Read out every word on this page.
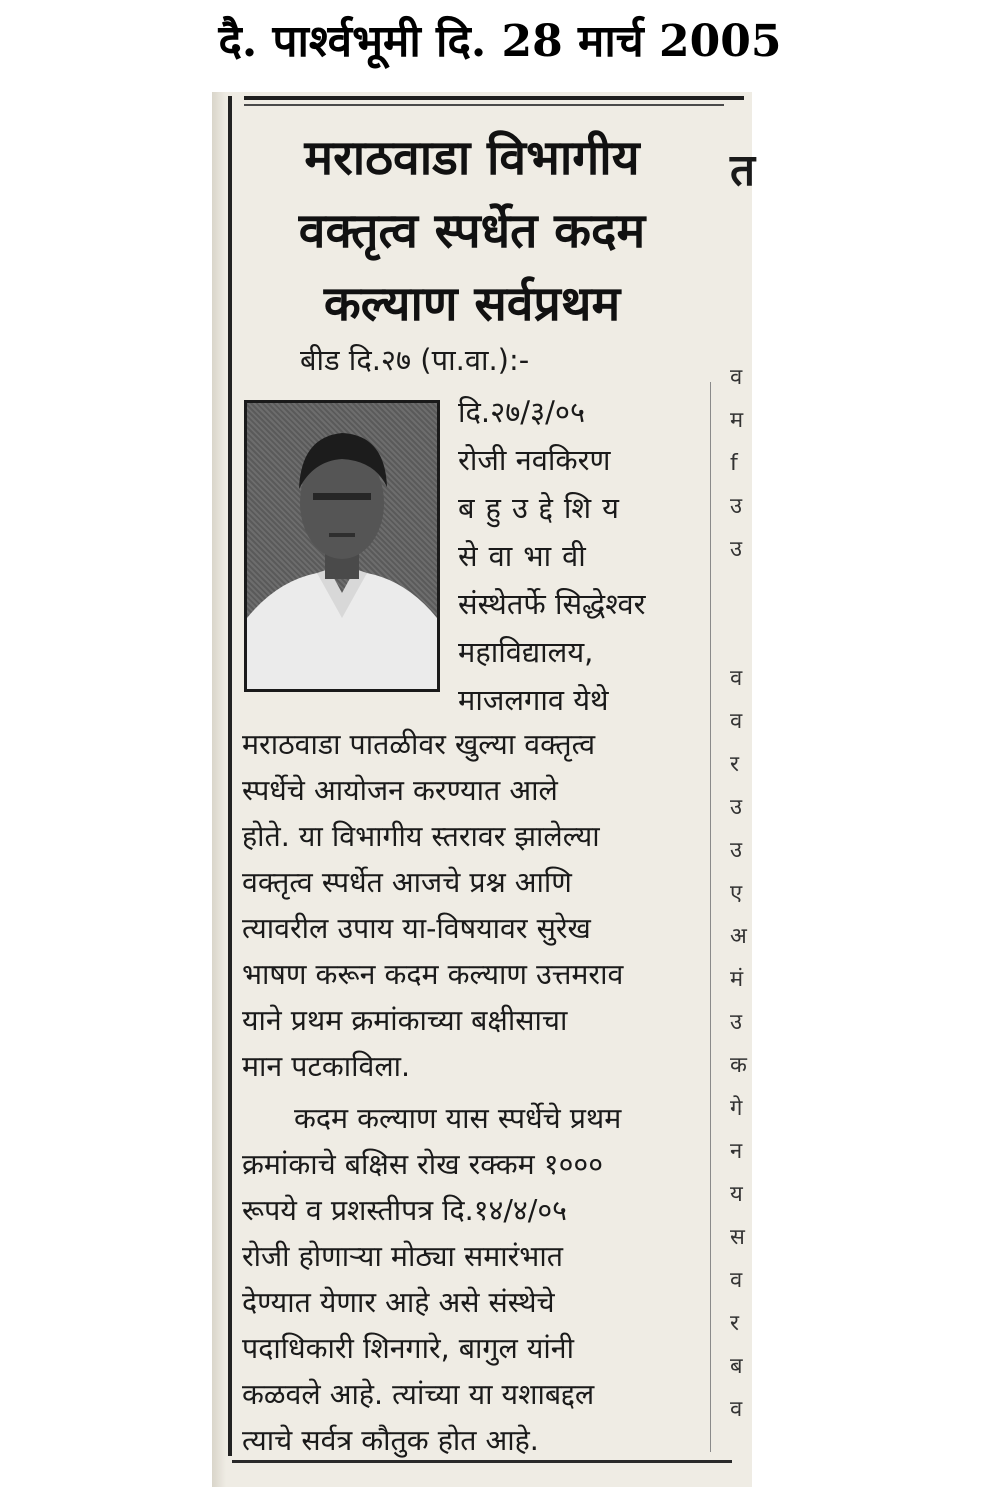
दै. पार्श्वभूमी दि. 28 मार्च 2005
मराठवाडा विभागीय
वक्तृत्व स्पर्धेत कदम
कल्याण सर्वप्रथम
बीड दि.२७ (पा.वा.):-
दि.२७/३/०५
रोजी नवकिरण
बहुउद्देशिय
सेवाभावी
संस्थेतर्फे सिद्धेश्वर
महाविद्यालय,
माजलगाव येथे
मराठवाडा पातळीवर खुल्या वक्तृत्व
स्पर्धेचे आयोजन करण्यात आले
होते. या विभागीय स्तरावर झालेल्या
वक्तृत्व स्पर्धेत आजचे प्रश्न आणि
त्यावरील उपाय या-विषयावर सुरेख
भाषण करून कदम कल्याण उत्तमराव
याने प्रथम क्रमांकाच्या बक्षीसाचा
मान पटकाविला.
कदम कल्याण यास स्पर्धेचे प्रथम
क्रमांकाचे बक्षिस रोख रक्कम १०००
रूपये व प्रशस्तीपत्र दि.१४/४/०५
रोजी होणाऱ्या मोठ्या समारंभात
देण्यात येणार आहे असे संस्थेचे
पदाधिकारी शिनगारे, बागुल यांनी
कळवले आहे. त्यांच्या या यशाबद्दल
त्याचे सर्वत्र कौतुक होत आहे.
त
व
म
f
उ
उ

व
व
र
उ
उ
ए
अ
मं
उ
क
गे
न
य
स
व
र
ब
व
